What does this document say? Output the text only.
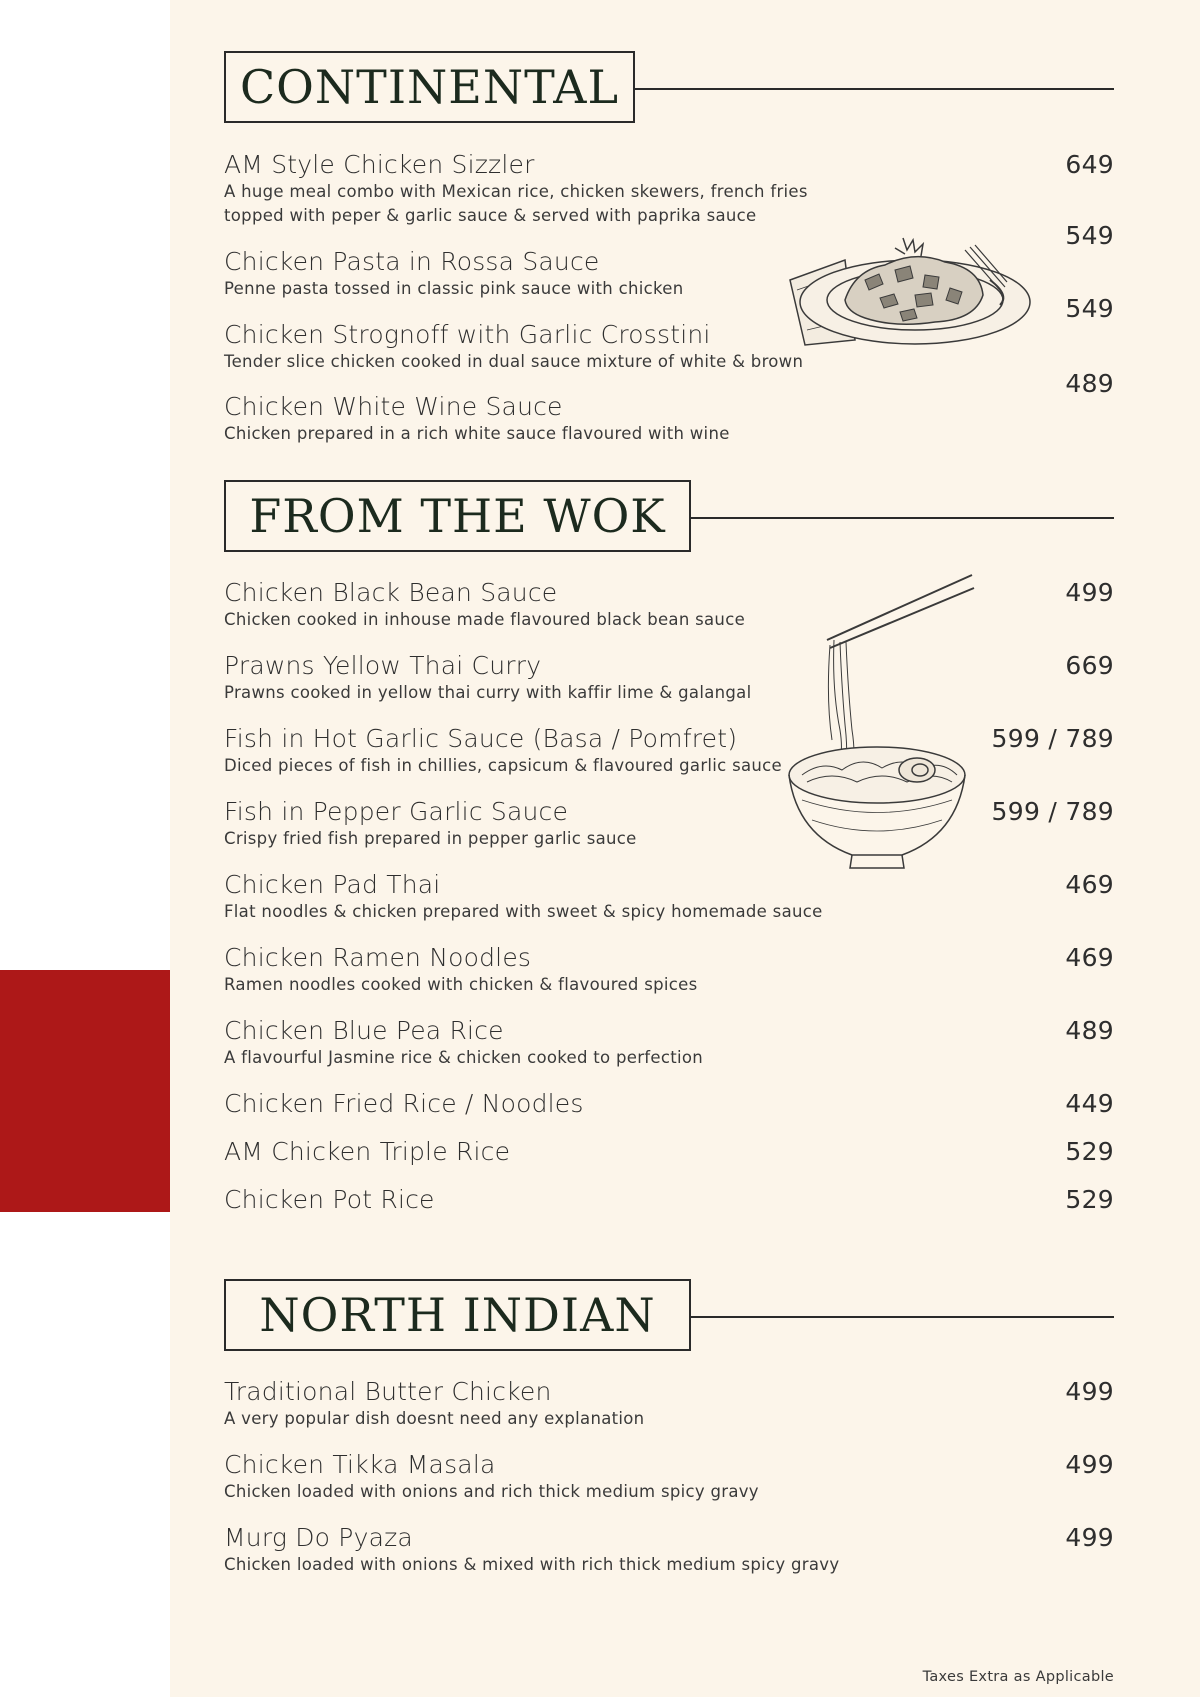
CONTINENTAL
AM Style Chicken Sizzler
A huge meal combo with Mexican rice, chicken skewers, french fries
topped with peper & garlic sauce & served with paprika sauce
649
Chicken Pasta in Rossa Sauce
Penne pasta tossed in classic pink sauce with chicken
549
Chicken Strognoff with Garlic Crosstini
Tender slice chicken cooked in dual sauce mixture of white & brown
549
Chicken White Wine Sauce
Chicken prepared in a rich white sauce flavoured with wine
489
FROM THE WOK
Chicken Black Bean Sauce
Chicken cooked in inhouse made flavoured black bean sauce
499
Prawns Yellow Thai Curry
Prawns cooked in yellow thai curry with kaffir lime & galangal
669
Fish in Hot Garlic Sauce (Basa / Pomfret)
Diced pieces of fish in chillies, capsicum & flavoured garlic sauce
599 / 789
Fish in Pepper Garlic Sauce
Crispy fried fish prepared in pepper garlic sauce
599 / 789
Chicken Pad Thai
Flat noodles & chicken prepared with sweet & spicy homemade sauce
469
Chicken Ramen Noodles
Ramen noodles cooked with chicken & flavoured spices
469
Chicken Blue Pea Rice
A flavourful Jasmine rice & chicken cooked to perfection
489
Chicken Fried Rice / Noodles	449
AM Chicken Triple Rice	529
Chicken Pot Rice	529
NORTH INDIAN
Traditional Butter Chicken
A very popular dish doesnt need any explanation
499
Chicken Tikka Masala
Chicken loaded with onions and rich thick medium spicy gravy
499
Murg Do Pyaza
Chicken loaded with onions & mixed with rich thick medium spicy gravy
499
Taxes Extra as Applicable
